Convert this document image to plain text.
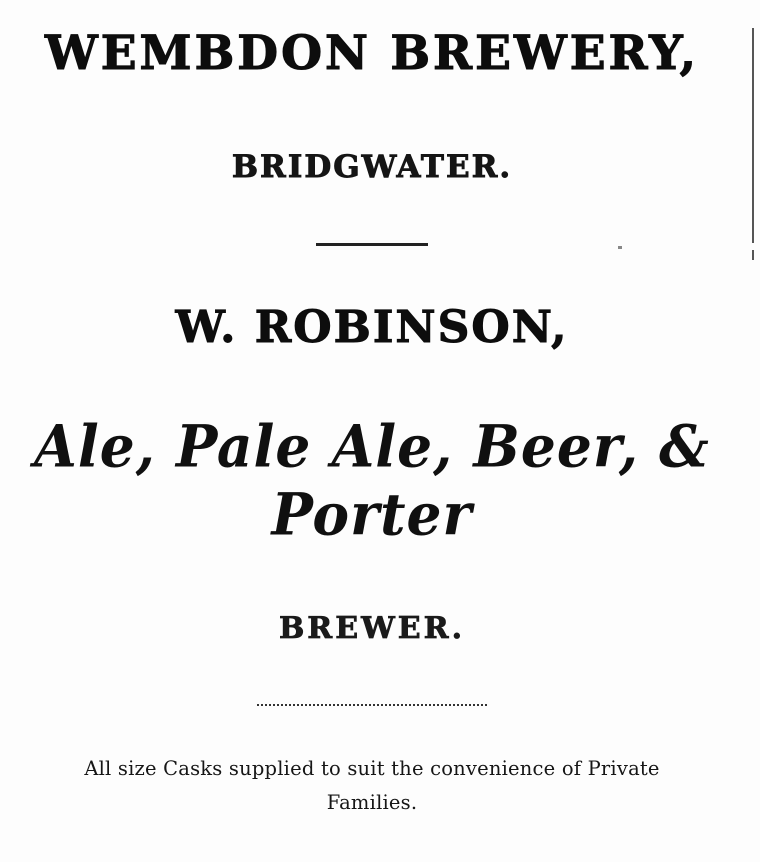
WEMBDON BREWERY,
BRIDGWATER.
W. ROBINSON,
Ale, Pale Ale, Beer, & Porter
BREWER.
All size Casks supplied to suit the convenience of Private
Families.
